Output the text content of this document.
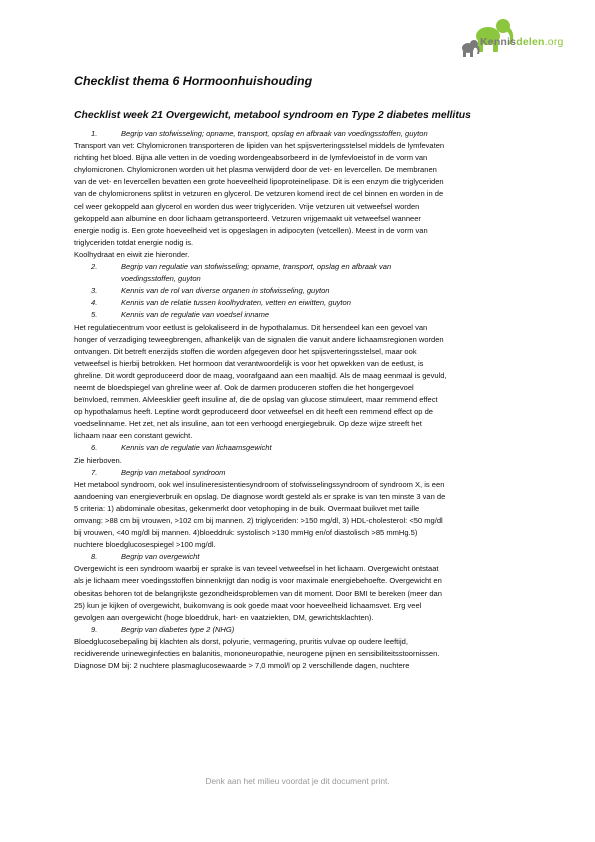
Kennisdelen.org
Checklist thema 6 Hormoonhuishouding
Checklist week 21 Overgewicht, metabool syndroom en Type 2 diabetes mellitus
1.	Begrip van stofwisseling; opname, transport, opslag en afbraak van voedingsstoffen, guyton
Transport van vet: Chylomicronen transporteren de lipiden van het spijsverteringsstelsel middels de lymfevaten
richting het bloed. Bijna alle vetten in de voeding wordengeabsorbeerd in de lymfevloeistof in de vorm van
chylomicronen. Chylomicronen worden uit het plasma verwijderd door de vet- en levercellen. De membranen
van de vet- en levercellen bevatten een grote hoeveelheid lipoproteinelipase. Dit is een enzym die triglyceriden
van de chylomicronens splitst in vetzuren en glycerol. De vetzuren komend irect de cel binnen en worden in de
cel weer gekoppeld aan glycerol en worden dus weer triglyceriden. Vrije vetzuren uit vetweefsel worden
gekoppeld aan albumine en door lichaam getransporteerd. Vetzuren vrijgemaakt uit vetweefsel wanneer
energie nodig is. Een grote hoeveelheid vet is opgeslagen in adipocyten (vetcellen). Meest in de vorm van
triglyceriden totdat energie nodig is.
Koolhydraat en eiwit zie hieronder.
2.	Begrip van regulatie van stofwisseling; opname, transport, opslag en afbraak van
voedingsstoffen, guyton
3.	Kennis van de rol van diverse organen in stofwisseling, guyton
4.	Kennis van de relatie tussen koolhydraten, vetten en eiwitten, guyton
5.	Kennis van de regulatie van voedsel inname
Het regulatiecentrum voor eetlust is gelokaliseerd in de hypothalamus. Dit hersendeel kan een gevoel van
honger of verzadiging teweegbrengen, afhankelijk van de signalen die vanuit andere lichaamsregionen worden
ontvangen. Dit betreft enerzijds stoffen die worden afgegeven door het spijsverteringsstelsel, maar ook
vetweefsel is hierbij betrokken. Het hormoon dat verantwoordelijk is voor het opwekken van de eetlust, is
ghreline. Dit wordt geproduceerd door de maag, voorafgaand aan een maaltijd. Als de maag eenmaal is gevuld,
neemt de bloedspiegel van ghreline weer af. Ook de darmen produceren stoffen die het hongergevoel
beïnvloed, remmen. Alvleesklier geeft insuline af, die de opslag van glucose stimuleert, maar remmend effect
op hypothalamus heeft. Leptine wordt geproduceerd door vetweefsel en dit heeft een remmend effect op de
voedselinname. Het zet, net als insuline, aan tot een verhoogd energiegebruik. Op deze wijze streeft het
lichaam naar een constant gewicht.
6.	Kennis van de regulatie van lichaamsgewicht
Zie hierboven.
7.	Begrip van metabool syndroom
Het metabool syndroom, ook wel insulineresistentiesyndroom of stofwisselingssyndroom of syndroom X, is een
aandoening van energieverbruik en opslag. De diagnose wordt gesteld als er sprake is van ten minste 3 van de
5 criteria: 1) abdominale obesitas, gekenmerkt door vetophoping in de buik. Overmaat buikvet met taille
omvang: >88 cm bij vrouwen, >102 cm bij mannen. 2) triglyceriden: >150 mg/dl, 3) HDL-cholesterol: <50 mg/dl
bij vrouwen, <40 mg/dl bij mannen. 4)bloeddruk: systolisch >130 mmHg en/of diastolisch >85 mmHg.5)
nuchtere bloedglucosespiegel >100 mg/dl.
8.	Begrip van overgewicht
Overgewicht is een syndroom waarbij er sprake is van teveel vetweefsel in het lichaam. Overgewicht ontstaat
als je lichaam meer voedingsstoffen binnenkrijgt dan nodig is voor maximale energiebehoefte. Overgewicht en
obesitas behoren tot de belangrijkste gezondheidsproblemen van dit moment. Door BMI te bereken (meer dan
25) kun je kijken of overgewicht, buikomvang is ook goede maat voor hoeveelheid lichaamsvet. Erg veel
gevolgen aan overgewicht (hoge bloeddruk, hart- en vaatziekten, DM, gewrichtsklachten).
9.	Begrip van diabetes type 2 (NHG)
Bloedglucosebepaling bij klachten als dorst, polyurie, vermagering, pruritis vulvae op oudere leeftijd,
recidiverende urineweginfecties en balanitis, mononeuropathie, neurogene pijnen en sensibiliteitsstoornissen.
Diagnose DM bij: 2 nuchtere plasmaglucosewaarde > 7,0 mmol/l op 2 verschillende dagen, nuchtere
Denk aan het milieu voordat je dit document print.
